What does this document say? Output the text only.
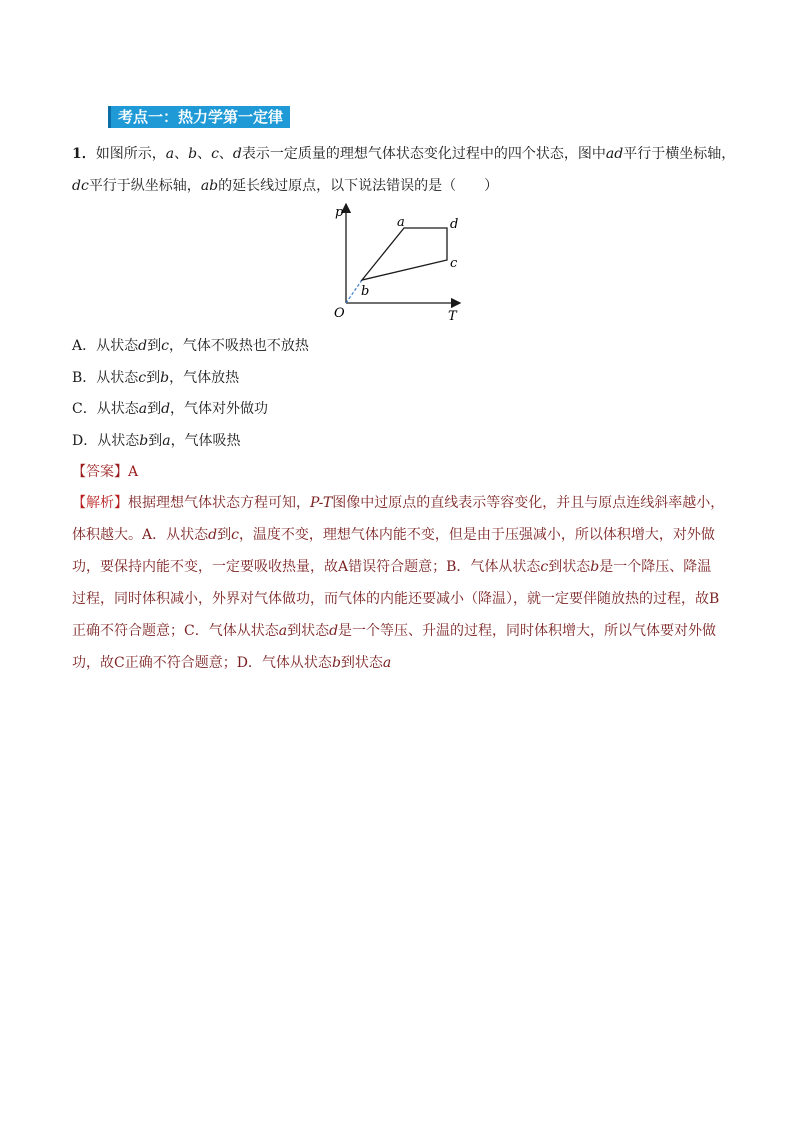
考点一：热力学第一定律
1．如图所示，a、b、c、d表示一定质量的理想气体状态变化过程中的四个状态，图中ad平行于横坐标轴，
dc平行于纵坐标轴，ab的延长线过原点，以下说法错误的是（　　）
p
T
O
a	d
c
b
A．从状态d到c，气体不吸热也不放热
B．从状态c到b，气体放热
C．从状态a到d，气体对外做功
D．从状态b到a，气体吸热
【答案】A
【解析】根据理想气体状态方程可知，P-T图像中过原点的直线表示等容变化，并且与原点连线斜率越小，
体积越大。A．从状态d到c，温度不变，理想气体内能不变，但是由于压强减小，所以体积增大，对外做
功，要保持内能不变，一定要吸收热量，故A错误符合题意；B．气体从状态c到状态b是一个降压、降温
过程，同时体积减小，外界对气体做功，而气体的内能还要减小（降温），就一定要伴随放热的过程，故B
正确不符合题意；C．气体从状态a到状态d是一个等压、升温的过程，同时体积增大，所以气体要对外做
功，故C正确不符合题意；D．气体从状态b到状态a
